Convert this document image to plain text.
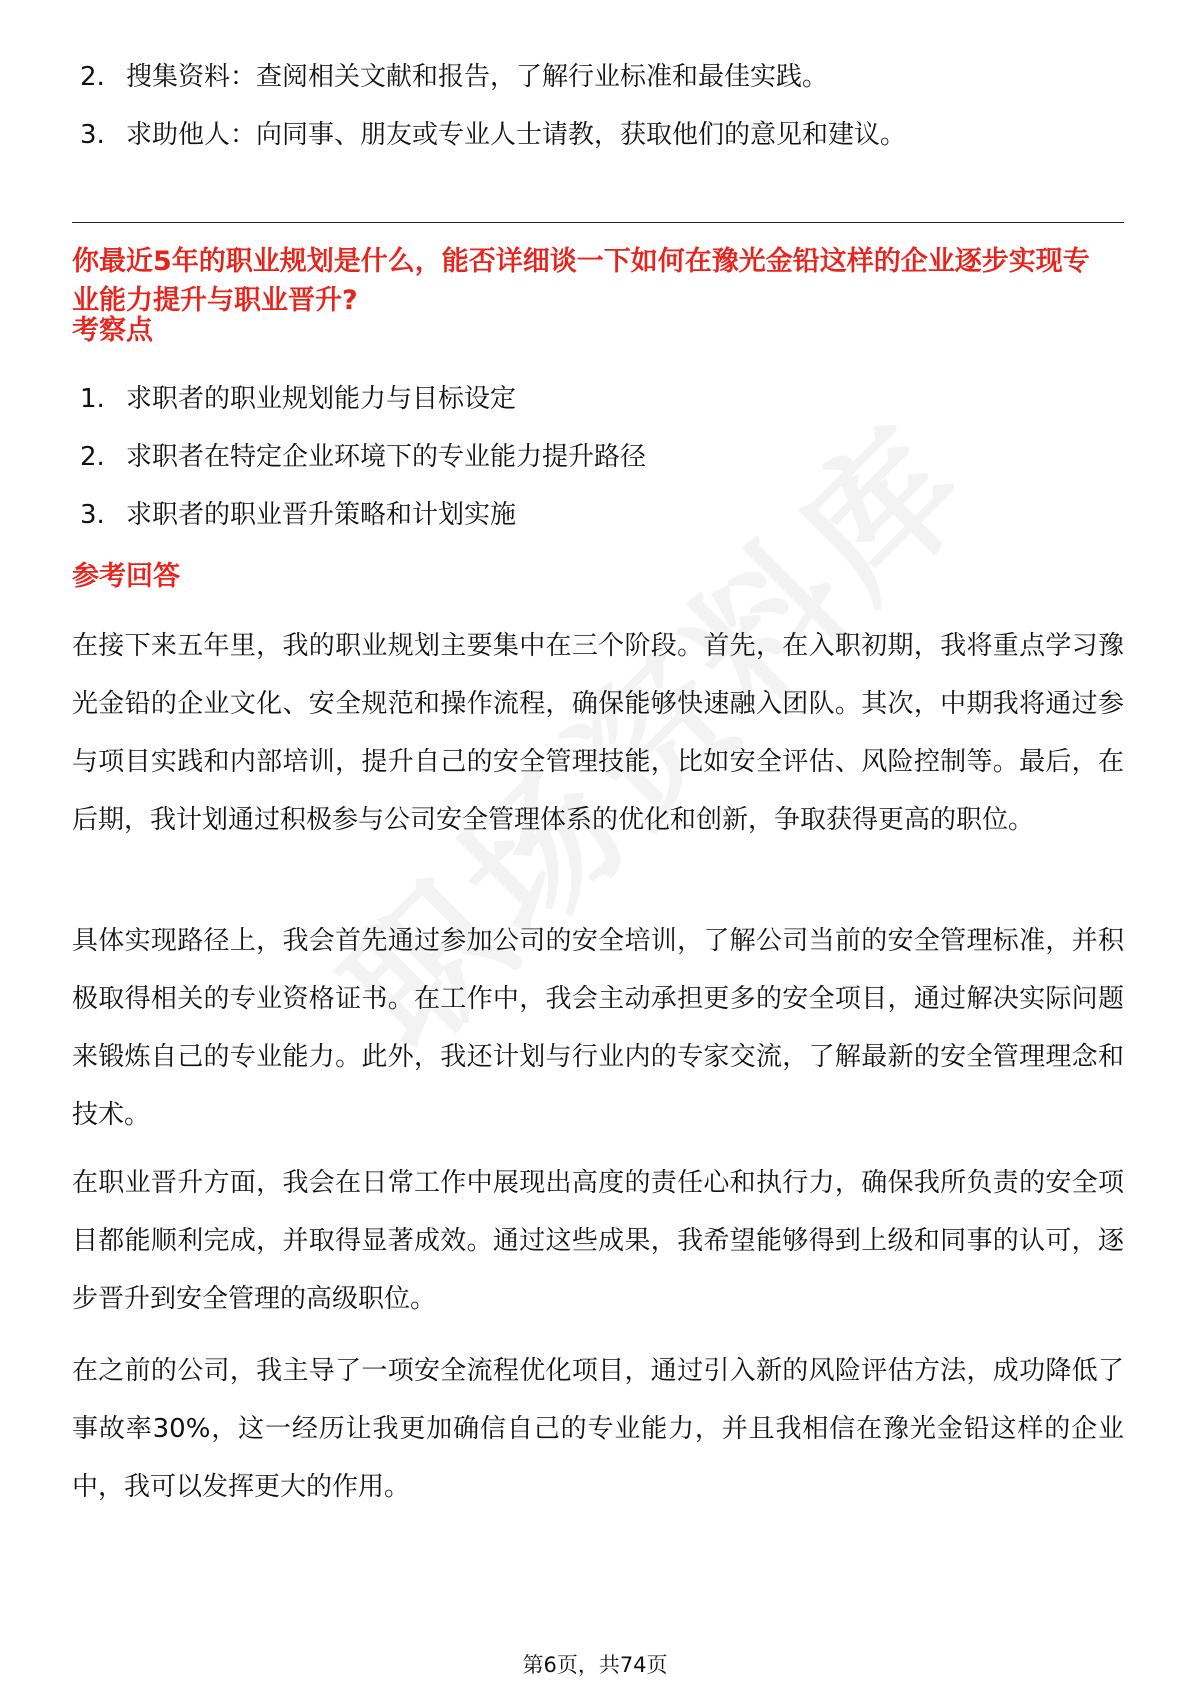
2. 搜集资料：查阅相关文献和报告，了解行业标准和最佳实践。
3. 求助他人：向同事、朋友或专业人士请教，获取他们的意见和建议。

你最近5年的职业规划是什么，能否详细谈一下如何在豫光金铅这样的企业逐步实现专业能力提升与职业晋升?

考察点
1. 求职者的职业规划能力与目标设定
2. 求职者在特定企业环境下的专业能力提升路径
3. 求职者的职业晋升策略和计划实施
参考回答

在接下来五年里，我的职业规划主要集中在三个阶段。首先，在入职初期，我将重点学习豫光金铅的企业文化、安全规范和操作流程，确保能够快速融入团队。其次，中期我将通过参与项目实践和内部培训，提升自己的安全管理技能，比如安全评估、风险控制等。最后，在后期，我计划通过积极参与公司安全管理体系的优化和创新，争取获得更高的职位。

具体实现路径上，我会首先通过参加公司的安全培训，了解公司当前的安全管理标准，并积极取得相关的专业资格证书。在工作中，我会主动承担更多的安全项目，通过解决实际问题来锻炼自己的专业能力。此外，我还计划与行业内的专家交流，了解最新的安全管理理念和技术。

在职业晋升方面，我会在日常工作中展现出高度的责任心和执行力，确保我所负责的安全项目都能顺利完成，并取得显著成效。通过这些成果，我希望能够得到上级和同事的认可，逐步晋升到安全管理的高级职位。

在之前的公司，我主导了一项安全流程优化项目，通过引入新的风险评估方法，成功降低了事故率30%，这一经历让我更加确信自己的专业能力，并且我相信在豫光金铅这样的企业中，我可以发挥更大的作用。

第6页，共74页
